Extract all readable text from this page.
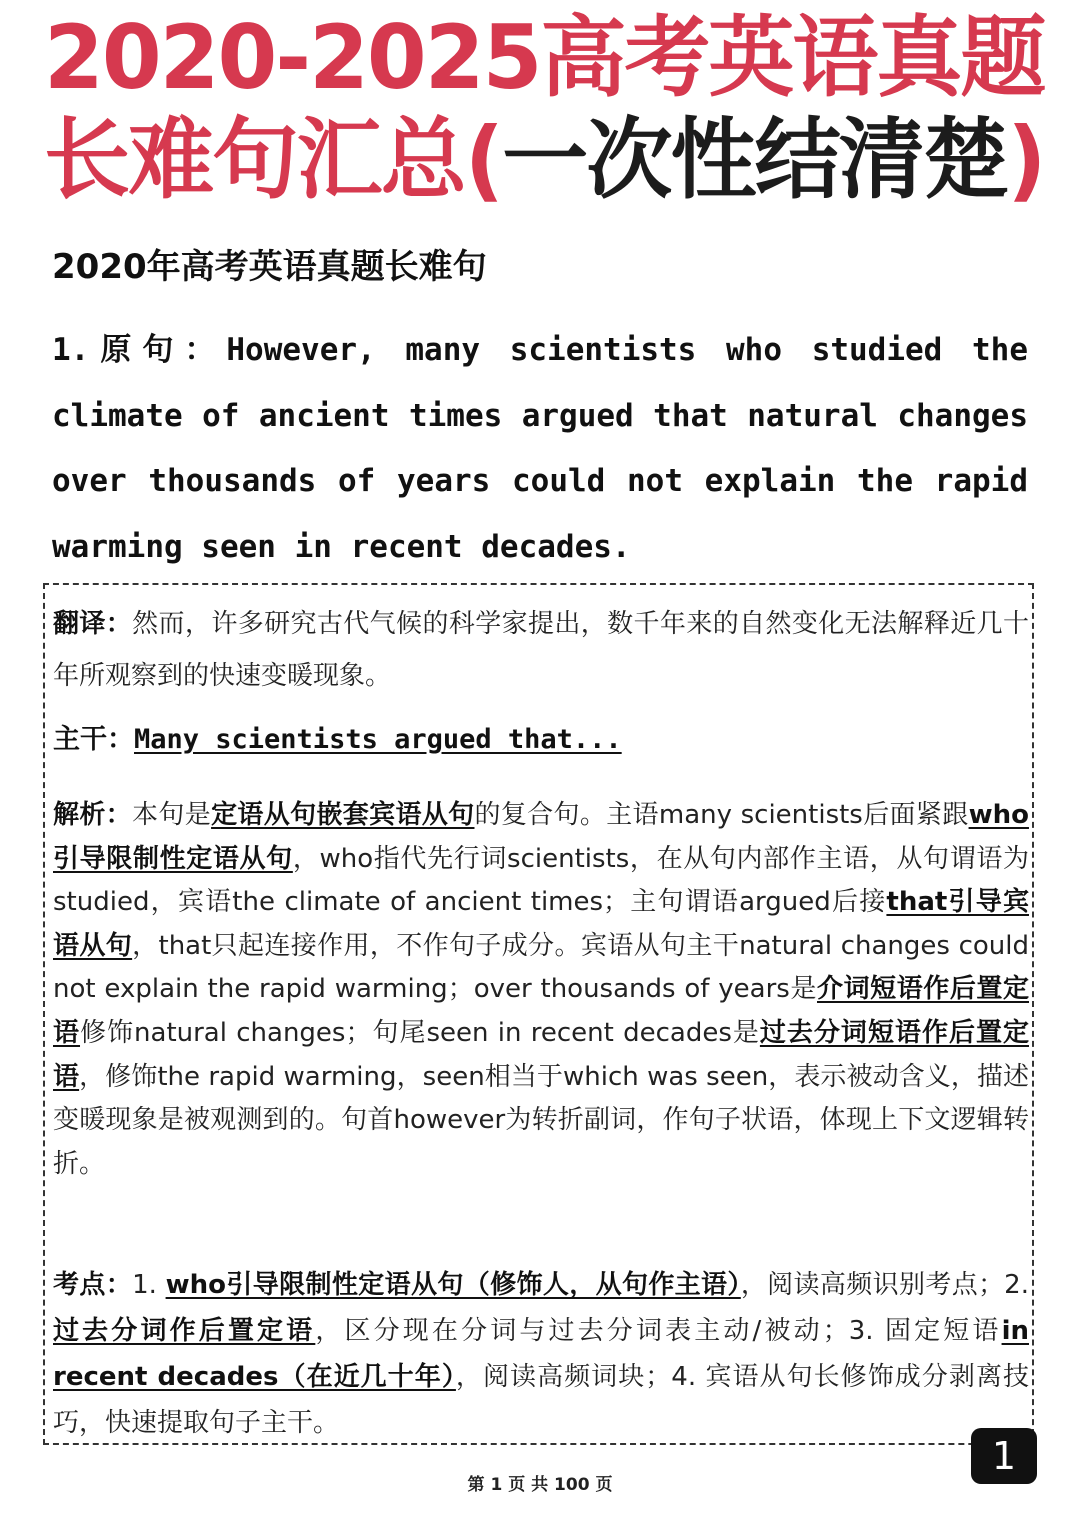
2020-2025高考英语真题
长难句汇总(一次性结清楚)
2020年高考英语真题长难句
1.原句：However, many scientists who studied the climate of ancient times argued that natural changes over thousands of years could not explain the rapid warming seen in recent decades.
翻译：然而，许多研究古代气候的科学家提出，数千年来的自然变化无法解释近几十年所观察到的快速变暖现象。
主干：Many scientists argued that...
解析：本句是定语从句嵌套宾语从句的复合句。主语many scientists后面紧跟who引导限制性定语从句，who指代先行词scientists，在从句内部作主语，从句谓语为studied，宾语the climate of ancient times；主句谓语argued后接that引导宾语从句，that只起连接作用，不作句子成分。宾语从句主干natural changes could not explain the rapid warming；over thousands of years是介词短语作后置定语修饰natural changes；句尾seen in recent decades是过去分词短语作后置定语，修饰the rapid warming，seen相当于which was seen，表示被动含义，描述变暖现象是被观测到的。句首however为转折副词，作句子状语，体现上下文逻辑转折。
考点：1. who引导限制性定语从句（修饰人，从句作主语），阅读高频识别考点；2. 过去分词作后置定语，区分现在分词与过去分词表主动/被动；3. 固定短语in recent decades（在近几十年），阅读高频词块；4. 宾语从句长修饰成分剥离技巧，快速提取句子主干。
1
第 1 页 共 100 页
